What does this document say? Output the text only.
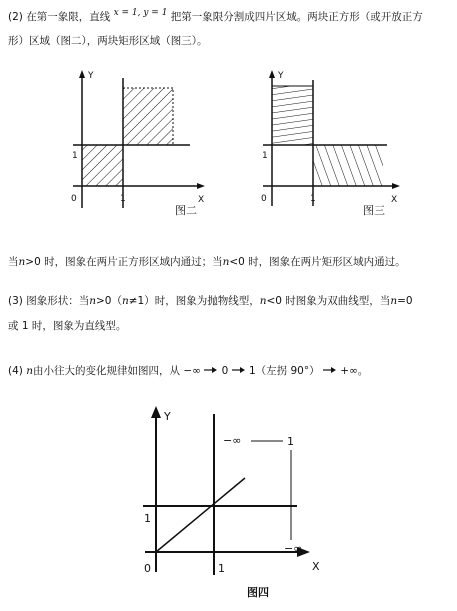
(2) 在第一象限，直线 x = 1, y = 1 把第一象限分割成四片区域。两块正方形（或开放正方
形）区域（图二），两块矩形区域（图三）。
Y
X
0	1
1
图二
Y
X
0	1
1
图三
当n>0 时，图象在两片正方形区域内通过；当n<0 时，图象在两片矩形区域内通过。
(3) 图象形状：当n>0（n≠1）时，图象为抛物线型，n<0 时图象为双曲线型，当n=0
或 1 时，图象为直线型。
(4) n由小往大的变化规律如图四，从 −∞ 0 1（左拐 90°） +∞。
−∞	1
−∞
Y
X
0	1
1
图四
